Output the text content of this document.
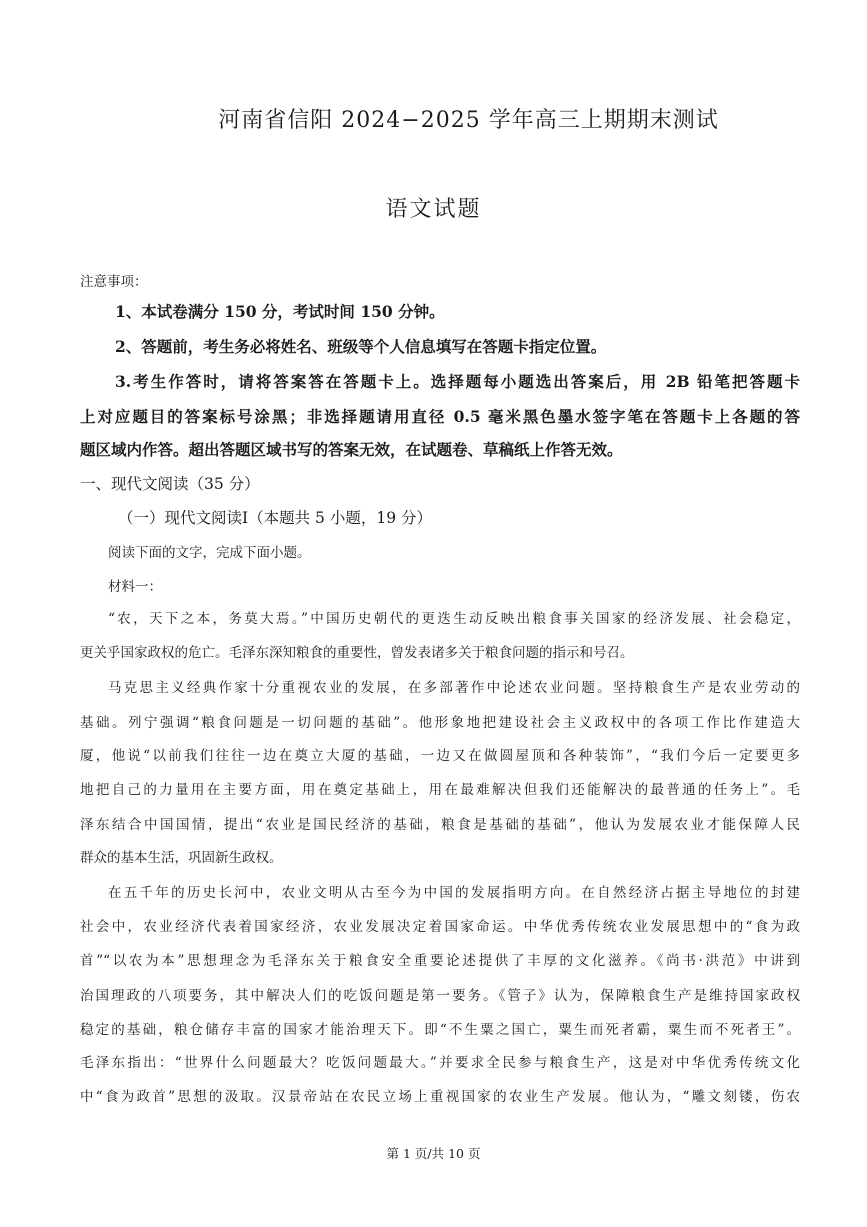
河南省信阳 2024−2025 学年高三上期期末测试
语文试题
注意事项：
1、本试卷满分 150 分，考试时间 150 分钟。
2、答题前，考生务必将姓名、班级等个人信息填写在答题卡指定位置。
3.考生作答时，请将答案答在答题卡上。选择题每小题选出答案后，用 2B 铅笔把答题卡
上对应题目的答案标号涂黑；非选择题请用直径 0.5 毫米黑色墨水签字笔在答题卡上各题的答
题区域内作答。超出答题区域书写的答案无效，在试题卷、草稿纸上作答无效。
一、现代文阅读（35 分）
（一）现代文阅读Ⅰ（本题共 5 小题，19 分）
阅读下面的文字，完成下面小题。
材料一：
“农，天下之本，务莫大焉。”中国历史朝代的更迭生动反映出粮食事关国家的经济发展、社会稳定，
更关乎国家政权的危亡。毛泽东深知粮食的重要性，曾发表诸多关于粮食问题的指示和号召。
马克思主义经典作家十分重视农业的发展，在多部著作中论述农业问题。坚持粮食生产是农业劳动的
基础。列宁强调“粮食问题是一切问题的基础”。他形象地把建设社会主义政权中的各项工作比作建造大
厦，他说“以前我们往往一边在奠立大厦的基础，一边又在做圆屋顶和各种装饰”，“我们今后一定要更多
地把自己的力量用在主要方面，用在奠定基础上，用在最难解决但我们还能解决的最普通的任务上”。毛
泽东结合中国国情，提出“农业是国民经济的基础，粮食是基础的基础”，他认为发展农业才能保障人民
群众的基本生活，巩固新生政权。
在五千年的历史长河中，农业文明从古至今为中国的发展指明方向。在自然经济占据主导地位的封建
社会中，农业经济代表着国家经济，农业发展决定着国家命运。中华优秀传统农业发展思想中的“食为政
首”“以农为本”思想理念为毛泽东关于粮食安全重要论述提供了丰厚的文化滋养。《尚书·洪范》中讲到
治国理政的八项要务，其中解决人们的吃饭问题是第一要务。《管子》认为，保障粮食生产是维持国家政权
稳定的基础，粮仓储存丰富的国家才能治理天下。即“不生粟之国亡，粟生而死者霸，粟生而不死者王”。
毛泽东指出：“世界什么问题最大？吃饭问题最大。”并要求全民参与粮食生产，这是对中华优秀传统文化
中“食为政首”思想的汲取。汉景帝站在农民立场上重视国家的农业生产发展。他认为，“雕文刻镂，伤农
第 1 页/共 10 页
